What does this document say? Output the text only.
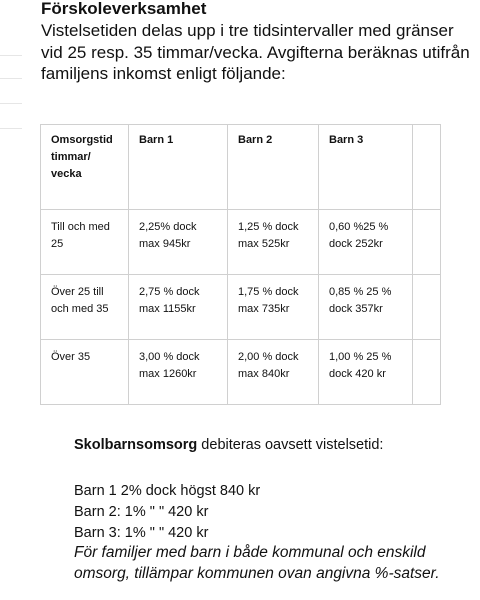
Förskoleverksamhet
Vistelsetiden delas upp i tre tidsintervaller med gränser vid 25 resp. 35 timmar/vecka. Avgifterna beräknas utifrån familjens inkomst enligt följande:
Omsorgstid timmar/ vecka	Barn 1	Barn 2	Barn 3	
Till och med 25	2,25% dock max 945kr	1,25 % dock max 525kr	0,60 %25 % dock 252kr	
Över 25 till och med 35	2,75 % dock max 1155kr	1,75 % dock max 735kr	0,85 % 25 % dock 357kr	
Över 35	3,00 % dock max 1260kr	2,00 % dock max 840kr	1,00 % 25 % dock 420 kr	
Skolbarnsomsorg debiteras oavsett vistelsetid:
Barn 1 2% dock högst 840 kr
Barn 2: 1% " " 420 kr
Barn 3: 1% " " 420 kr
För familjer med barn i både kommunal och enskild omsorg, tillämpar kommunen ovan angivna %-satser.
